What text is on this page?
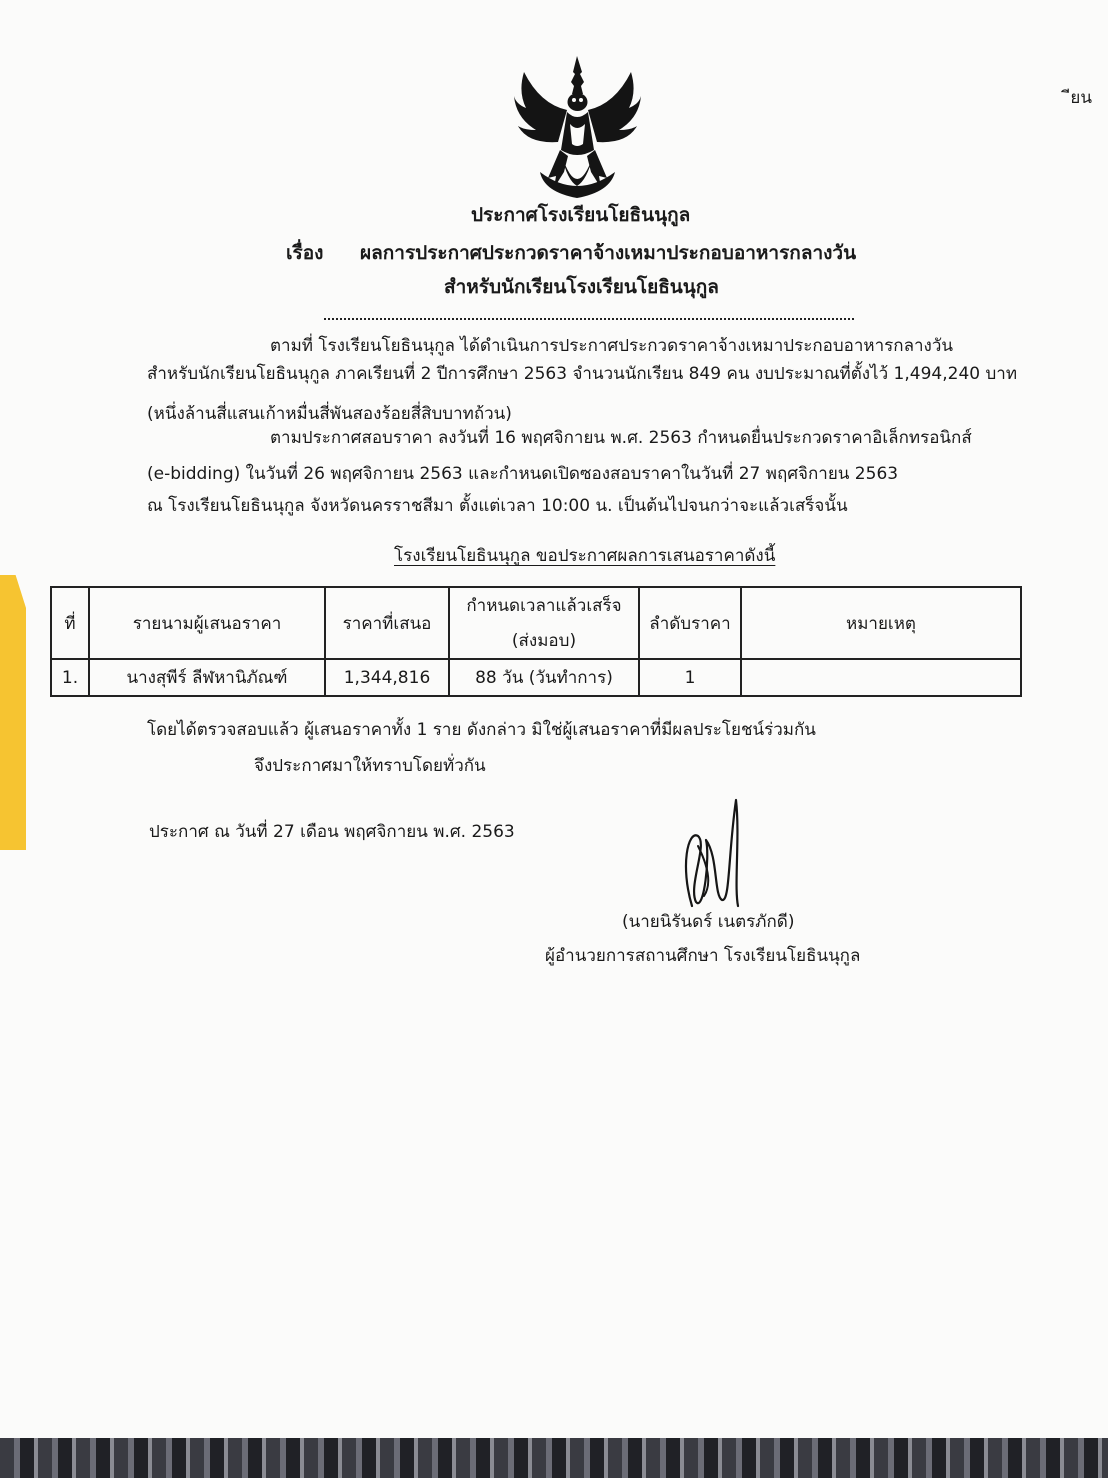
ียน
ประกาศโรงเรียนโยธินนุกูล
เรื่อง ผลการประกาศประกวดราคาจ้างเหมาประกอบอาหารกลางวัน
สำหรับนักเรียนโรงเรียนโยธินนุกูล
ตามที่ โรงเรียนโยธินนุกูล ได้ดำเนินการประกาศประกวดราคาจ้างเหมาประกอบอาหารกลางวัน
สำหรับนักเรียนโยธินนุกูล ภาคเรียนที่ 2 ปีการศึกษา 2563 จำนวนนักเรียน 849 คน งบประมาณที่ตั้งไว้ 1,494,240 บาท
(หนึ่งล้านสี่แสนเก้าหมื่นสี่พันสองร้อยสี่สิบบาทถ้วน)
ตามประกาศสอบราคา ลงวันที่ 16 พฤศจิกายน พ.ศ. 2563 กำหนดยื่นประกวดราคาอิเล็กทรอนิกส์
(e-bidding) ในวันที่ 26 พฤศจิกายน 2563 และกำหนดเปิดซองสอบราคาในวันที่ 27 พฤศจิกายน 2563
ณ โรงเรียนโยธินนุกูล จังหวัดนครราชสีมา ตั้งแต่เวลา 10:00 น. เป็นต้นไปจนกว่าจะแล้วเสร็จนั้น
โรงเรียนโยธินนุกูล ขอประกาศผลการเสนอราคาดังนี้
ที่	รายนามผู้เสนอราคา	ราคาที่เสนอ	กำหนดเวลาแล้วเสร็จ
(ส่งมอบ)	ลำดับราคา	หมายเหตุ
1.	นางสุพีร์ ลีฬหานิภัณฑ์	1,344,816	88 วัน (วันทำการ)	1	
โดยได้ตรวจสอบแล้ว ผู้เสนอราคาทั้ง 1 ราย ดังกล่าว มิใช่ผู้เสนอราคาที่มีผลประโยชน์ร่วมกัน
จึงประกาศมาให้ทราบโดยทั่วกัน
ประกาศ ณ วันที่ 27 เดือน พฤศจิกายน พ.ศ. 2563
(นายนิรันดร์ เนตรภักดี)
ผู้อำนวยการสถานศึกษา โรงเรียนโยธินนุกูล
